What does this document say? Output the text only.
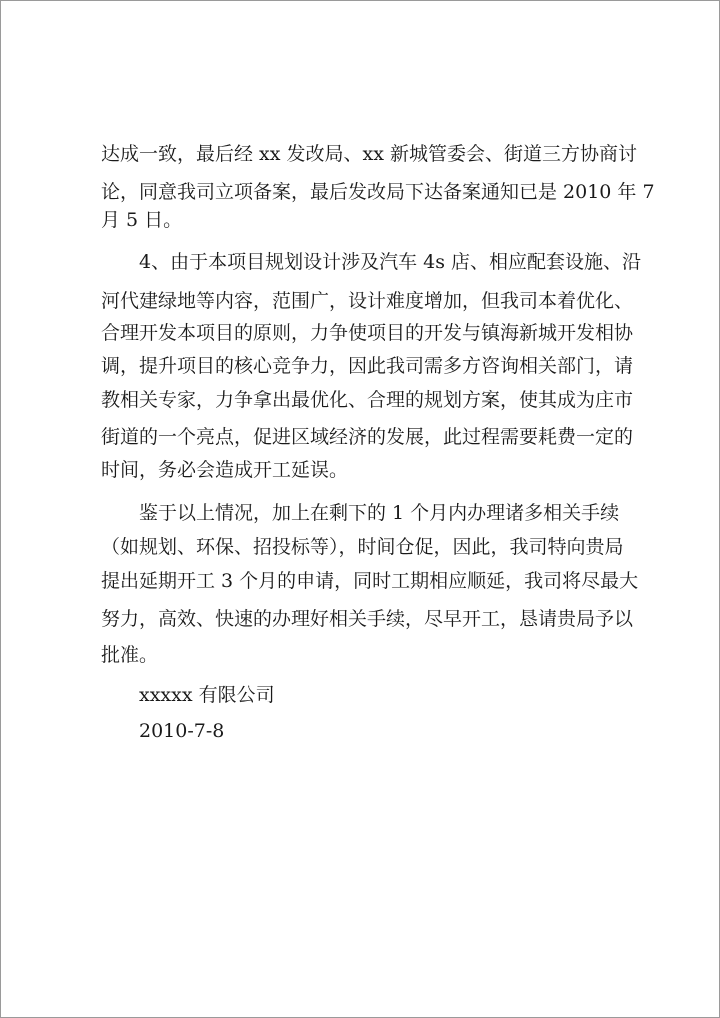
达成一致，最后经 xx 发改局、xx 新城管委会、街道三方协商讨
论，同意我司立项备案，最后发改局下达备案通知已是 2010 年 7
月 5 日。
4、由于本项目规划设计涉及汽车 4s 店、相应配套设施、沿
河代建绿地等内容，范围广，设计难度增加，但我司本着优化、
合理开发本项目的原则，力争使项目的开发与镇海新城开发相协
调，提升项目的核心竞争力，因此我司需多方咨询相关部门，请
教相关专家，力争拿出最优化、合理的规划方案，使其成为庄市
街道的一个亮点，促进区域经济的发展，此过程需要耗费一定的
时间，务必会造成开工延误。
鉴于以上情况，加上在剩下的 1 个月内办理诸多相关手续
（如规划、环保、招投标等），时间仓促，因此，我司特向贵局
提出延期开工 3 个月的申请，同时工期相应顺延，我司将尽最大
努力，高效、快速的办理好相关手续，尽早开工，恳请贵局予以
批准。
xxxxx 有限公司
2010-7-8
